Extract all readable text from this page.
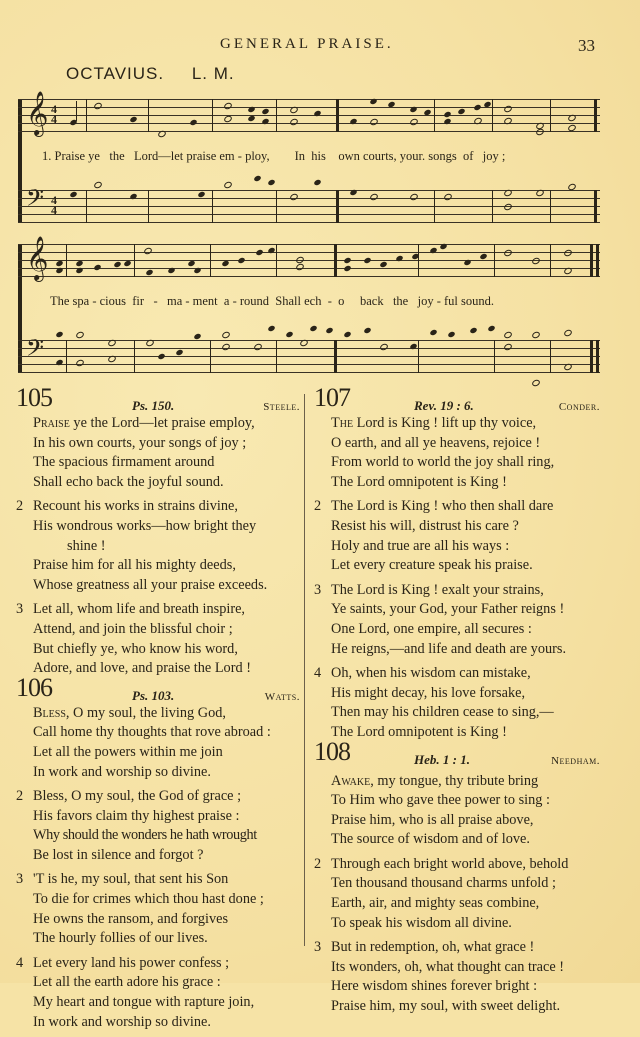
GENERAL PRAISE.	33
OCTAVIUS. L. M.
𝄞 4
4
1. Praise ye   the   Lord—let praise em - ploy,        In  his    own courts, your. songs  of   joy ;
𝄢 4
4
𝄞
The spa - cious  fir   -   ma - ment  a - round  Shall ech  -  o     back   the   joy - ful sound.
𝄢
105	Ps. 150.	Steele.
Praise ye the Lord—let praise employ,
In his own courts, your songs of joy ;
The spacious firmament around
Shall echo back the joyful sound.
2 Recount his works in strains divine,
His wondrous works—how bright they
shine !
Praise him for all his mighty deeds,
Whose greatness all your praise exceeds.
3 Let all, whom life and breath inspire,
Attend, and join the blissful choir ;
But chiefly ye, who know his word,
Adore, and love, and praise the Lord !
106	Ps. 103.	Watts.
Bless, O my soul, the living God,
Call home thy thoughts that rove abroad :
Let all the powers within me join
In work and worship so divine.
2 Bless, O my soul, the God of grace ;
His favors claim thy highest praise :
Why should the wonders he hath wrought
Be lost in silence and forgot ?
3 'T is he, my soul, that sent his Son
To die for crimes which thou hast done ;
He owns the ransom, and forgives
The hourly follies of our lives.
4 Let every land his power confess ;
Let all the earth adore his grace :
My heart and tongue with rapture join,
In work and worship so divine.
107	Rev. 19 : 6.	Conder.
The Lord is King ! lift up thy voice,
O earth, and all ye heavens, rejoice !
From world to world the joy shall ring,
The Lord omnipotent is King !
2 The Lord is King ! who then shall dare
Resist his will, distrust his care ?
Holy and true are all his ways :
Let every creature speak his praise.
3 The Lord is King ! exalt your strains,
Ye saints, your God, your Father reigns !
One Lord, one empire, all secures :
He reigns,—and life and death are yours.
4 Oh, when his wisdom can mistake,
His might decay, his love forsake,
Then may his children cease to sing,—
The Lord omnipotent is King !
108	Heb. 1 : 1.	Needham.
Awake, my tongue, thy tribute bring
To Him who gave thee power to sing :
Praise him, who is all praise above,
The source of wisdom and of love.
2 Through each bright world above, behold
Ten thousand thousand charms unfold ;
Earth, air, and mighty seas combine,
To speak his wisdom all divine.
3 But in redemption, oh, what grace !
Its wonders, oh, what thought can trace !
Here wisdom shines forever bright :
Praise him, my soul, with sweet delight.
